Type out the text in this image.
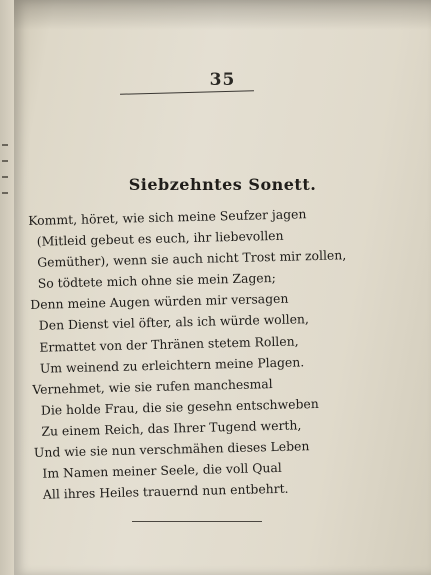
35
Siebzehntes Sonett.
Kommt, höret, wie sich meine Seufzer jagen
(Mitleid gebeut es euch, ihr liebevollen
Gemüther), wenn sie auch nicht Trost mir zollen,
So tödtete mich ohne sie mein Zagen;
Denn meine Augen würden mir versagen
Den Dienst viel öfter, als ich würde wollen,
Ermattet von der Thränen stetem Rollen,
Um weinend zu erleichtern meine Plagen.
Vernehmet, wie sie rufen manchesmal
Die holde Frau, die sie gesehn entschweben
Zu einem Reich, das Ihrer Tugend werth,
Und wie sie nun verschmähen dieses Leben
Im Namen meiner Seele, die voll Qual
All ihres Heiles trauernd nun entbehrt.
